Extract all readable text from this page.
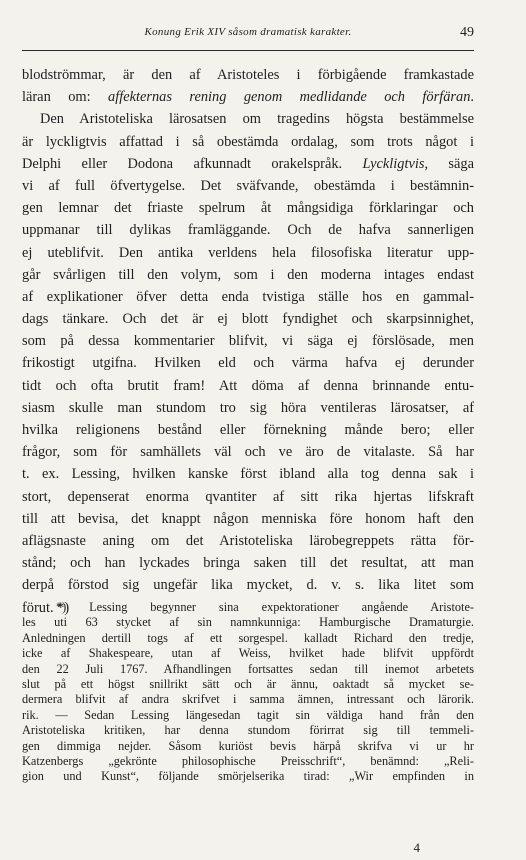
Konung Erik XIV såsom dramatisk karakter.	49
blodströmmar, är den af Aristoteles i förbigående framkastade
läran om: affekternas rening genom medlidande och förfäran.
Den Aristoteliska lärosatsen om tragedins högsta bestämmelse
är lyckligtvis affattad i så obestämda ordalag, som trots något i
Delphi eller Dodona afkunnadt orakelspråk. Lyckligtvis, säga
vi af full öfvertygelse. Det sväfvande, obestämda i bestämnin-
gen lemnar det friaste spelrum åt mångsidiga förklaringar och
uppmanar till dylikas framläggande. Och de hafva sannerligen
ej uteblifvit. Den antika verldens hela filosofiska literatur upp-
går svårligen till den volym, som i den moderna intages endast
af explikationer öfver detta enda tvistiga ställe hos en gammal-
dags tänkare. Och det är ej blott fyndighet och skarpsinnighet,
som på dessa kommentarier blifvit, vi säga ej förslösade, men
frikostigt utgifna. Hvilken eld och värma hafva ej derunder
tidt och ofta brutit fram! Att döma af denna brinnande entu-
siasm skulle man stundom tro sig höra ventileras lärosatser, af
hvilka religionens bestånd eller förnekning månde bero; eller
frågor, som för samhällets väl och ve äro de vitalaste. Så har
t. ex. Lessing, hvilken kanske först ibland alla tog denna sak i
stort, depenserat enorma qvantiter af sitt rika hjertas lifskraft
till att bevisa, det knappt någon menniska före honom haft den
aflägsnaste aning om det Aristoteliska lärobegreppets rätta för-
stånd; och han lyckades bringa saken till det resultat, att man
derpå förstod sig ungefär lika mycket, d. v. s. lika litet som
förut. *)
*) Lessing begynner sina expektorationer angående Aristote-
les uti 63 stycket af sin namnkunniga: Hamburgische Dramaturgie.
Anledningen dertill togs af ett sorgespel. kalladt Richard den tredje,
icke af Shakespeare, utan af Weiss, hvilket hade blifvit uppfördt
den 22 Juli 1767. Afhandlingen fortsattes sedan till inemot arbetets
slut på ett högst snillrikt sätt och är ännu, oaktadt så mycket se-
dermera blifvit af andra skrifvet i samma ämnen, intressant och lärorik.
rik. — Sedan Lessing längesedan tagit sin väldiga hand från den
Aristoteliska kritiken, har denna stundom förirrat sig till temmeli-
gen dimmiga nejder. Såsom kuriöst bevis härpå skrifva vi ur hr
Katzenbergs „gekrönte philosophische Preisschrift“, benämnd: „Reli-
gion und Kunst“, följande smörjelserika tirad: „Wir empfinden in
4
